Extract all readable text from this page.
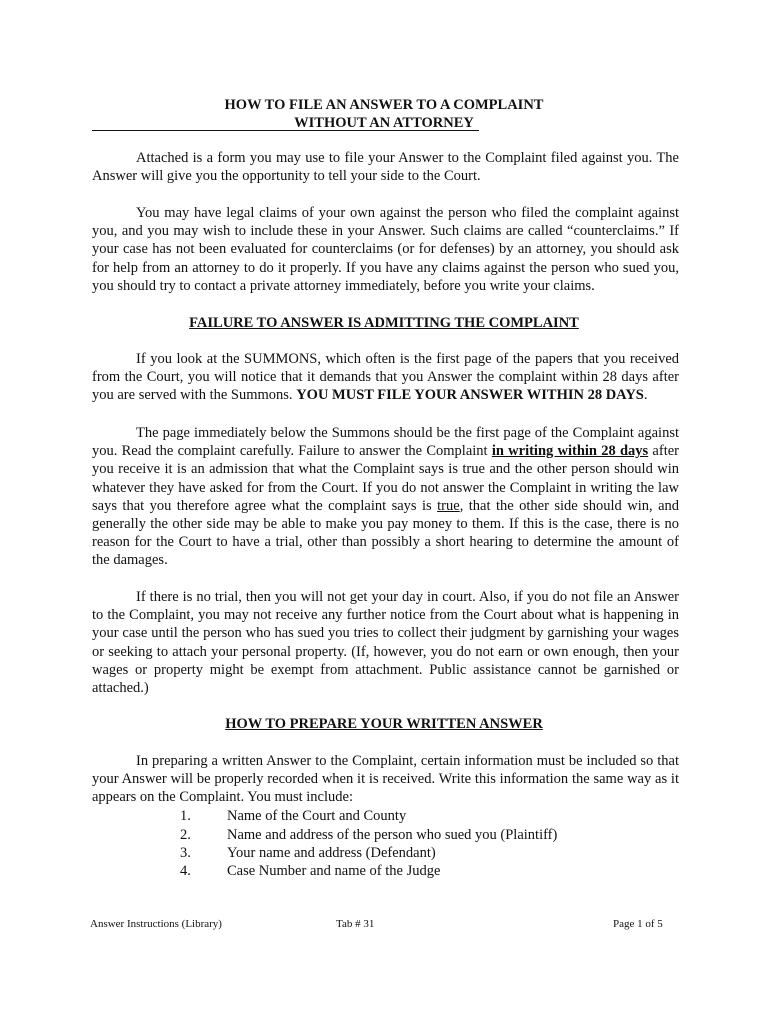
HOW TO FILE AN ANSWER TO A COMPLAINT
WITHOUT AN ATTORNEY

Attached is a form you may use to file your Answer to the Complaint filed against you. The Answer will give you the opportunity to tell your side to the Court.

You may have legal claims of your own against the person who filed the complaint against you, and you may wish to include these in your Answer. Such claims are called “counterclaims.” If your case has not been evaluated for counterclaims (or for defenses) by an attorney, you should ask for help from an attorney to do it properly. If you have any claims against the person who sued you, you should try to contact a private attorney immediately, before you write your claims.

FAILURE TO ANSWER IS ADMITTING THE COMPLAINT

If you look at the SUMMONS, which often is the first page of the papers that you received from the Court, you will notice that it demands that you Answer the complaint within 28 days after you are served with the Summons. YOU MUST FILE YOUR ANSWER WITHIN 28 DAYS.

The page immediately below the Summons should be the first page of the Complaint against you. Read the complaint carefully. Failure to answer the Complaint in writing within 28 days after you receive it is an admission that what the Complaint says is true and the other person should win whatever they have asked for from the Court. If you do not answer the Complaint in writing the law says that you therefore agree what the complaint says is true, that the other side should win, and generally the other side may be able to make you pay money to them. If this is the case, there is no reason for the Court to have a trial, other than possibly a short hearing to determine the amount of the damages.

If there is no trial, then you will not get your day in court. Also, if you do not file an Answer to the Complaint, you may not receive any further notice from the Court about what is happening in your case until the person who has sued you tries to collect their judgment by garnishing your wages or seeking to attach your personal property. (If, however, you do not earn or own enough, then your wages or property might be exempt from attachment. Public assistance cannot be garnished or attached.)

HOW TO PREPARE YOUR WRITTEN ANSWER

In preparing a written Answer to the Complaint, certain information must be included so that your Answer will be properly recorded when it is received. Write this information the same way as it appears on the Complaint. You must include:

1. Name of the Court and County
2. Name and address of the person who sued you (Plaintiff)
3. Your name and address (Defendant)
4. Case Number and name of the Judge
Answer Instructions (Library)	Tab # 31	Page 1 of 5
